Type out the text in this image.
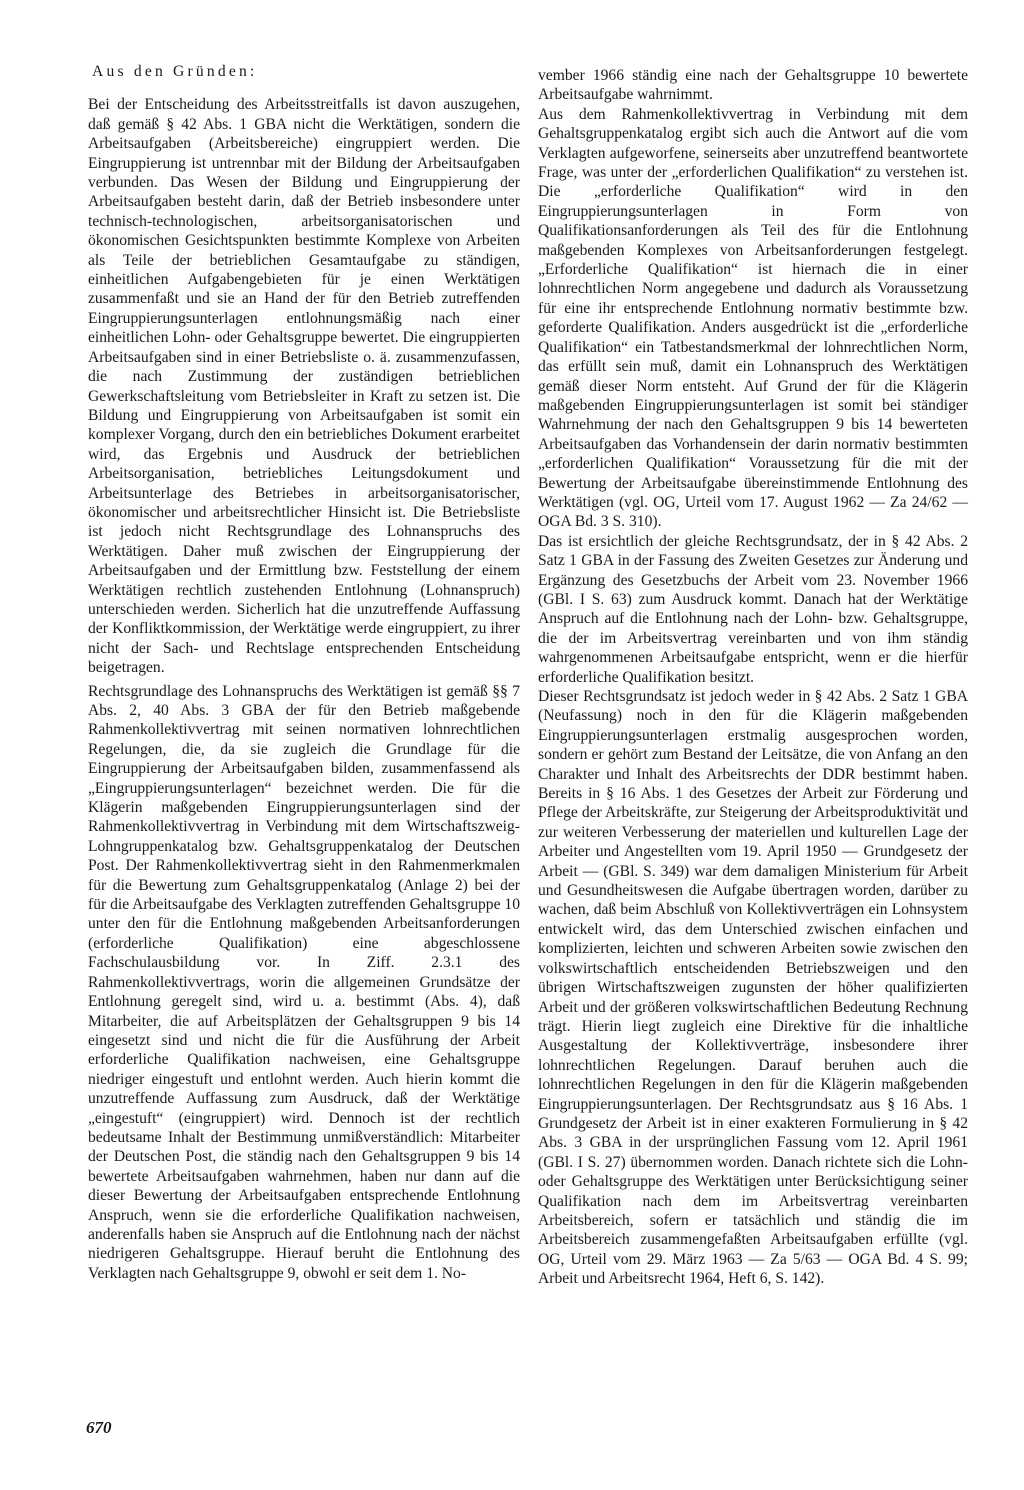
Aus den Gründen:

Bei der Entscheidung des Arbeitsstreitfalls ist davon auszugehen, daß gemäß § 42 Abs. 1 GBA nicht die Werktätigen, sondern die Arbeitsaufgaben (Arbeitsbereiche) eingruppiert werden. Die Eingruppierung ist untrennbar mit der Bildung der Arbeitsaufgaben verbunden. Das Wesen der Bildung und Eingruppierung der Arbeitsaufgaben besteht darin, daß der Betrieb insbesondere unter technisch-technologischen, arbeitsorganisatorischen und ökonomischen Gesichtspunkten bestimmte Komplexe von Arbeiten als Teile der betrieblichen Gesamtaufgabe zu ständigen, einheitlichen Aufgabengebieten für je einen Werktätigen zusammenfaßt und sie an Hand der für den Betrieb zutreffenden Eingruppierungsunterlagen entlohnungsmäßig nach einer einheitlichen Lohn- oder Gehaltsgruppe bewertet. Die eingruppierten Arbeitsaufgaben sind in einer Betriebsliste o. ä. zusammenzufassen, die nach Zustimmung der zuständigen betrieblichen Gewerkschaftsleitung vom Betriebsleiter in Kraft zu setzen ist. Die Bildung und Eingruppierung von Arbeitsaufgaben ist somit ein komplexer Vorgang, durch den ein betriebliches Dokument erarbeitet wird, das Ergebnis und Ausdruck der betrieblichen Arbeitsorganisation, betriebliches Leitungsdokument und Arbeitsunterlage des Betriebes in arbeitsorganisatorischer, ökonomischer und arbeitsrechtlicher Hinsicht ist. Die Betriebsliste ist jedoch nicht Rechtsgrundlage des Lohnanspruchs des Werktätigen. Daher muß zwischen der Eingruppierung der Arbeitsaufgaben und der Ermittlung bzw. Feststellung der einem Werktätigen rechtlich zustehenden Entlohnung (Lohnanspruch) unterschieden werden. Sicherlich hat die unzutreffende Auffassung der Konfliktkommission, der Werktätige werde eingruppiert, zu ihrer nicht der Sach- und Rechtslage entsprechenden Entscheidung beigetragen.

Rechtsgrundlage des Lohnanspruchs des Werktätigen ist gemäß §§ 7 Abs. 2, 40 Abs. 3 GBA der für den Betrieb maßgebende Rahmenkollektivvertrag mit seinen normativen lohnrechtlichen Regelungen, die, da sie zugleich die Grundlage für die Eingruppierung der Arbeitsaufgaben bilden, zusammenfassend als „Eingruppierungsunterlagen“ bezeichnet werden. Die für die Klägerin maßgebenden Eingruppierungsunterlagen sind der Rahmenkollektivvertrag in Verbindung mit dem Wirtschaftszweig-Lohngruppenkatalog bzw. Gehaltsgruppenkatalog der Deutschen Post. Der Rahmenkollektivvertrag sieht in den Rahmenmerkmalen für die Bewertung zum Gehaltsgruppenkatalog (Anlage 2) bei der für die Arbeitsaufgabe des Verklagten zutreffenden Gehaltsgruppe 10 unter den für die Entlohnung maßgebenden Arbeitsanforderungen (erforderliche Qualifikation) eine abgeschlossene Fachschulausbildung vor. In Ziff. 2.3.1 des Rahmenkollektivvertrags, worin die allgemeinen Grundsätze der Entlohnung geregelt sind, wird u. a. bestimmt (Abs. 4), daß Mitarbeiter, die auf Arbeitsplätzen der Gehaltsgruppen 9 bis 14 eingesetzt sind und nicht die für die Ausführung der Arbeit erforderliche Qualifikation nachweisen, eine Gehaltsgruppe niedriger eingestuft und entlohnt werden. Auch hierin kommt die unzutreffende Auffassung zum Ausdruck, daß der Werktätige „eingestuft“ (eingruppiert) wird. Dennoch ist der rechtlich bedeutsame Inhalt der Bestimmung unmißverständlich: Mitarbeiter der Deutschen Post, die ständig nach den Gehaltsgruppen 9 bis 14 bewertete Arbeitsaufgaben wahrnehmen, haben nur dann auf die dieser Bewertung der Arbeitsaufgaben entsprechende Entlohnung Anspruch, wenn sie die erforderliche Qualifikation nachweisen, anderenfalls haben sie Anspruch auf die Entlohnung nach der nächst niedrigeren Gehaltsgruppe. Hierauf beruht die Entlohnung des Verklagten nach Gehaltsgruppe 9, obwohl er seit dem 1. No-

vember 1966 ständig eine nach der Gehaltsgruppe 10 bewertete Arbeitsaufgabe wahrnimmt.

Aus dem Rahmenkollektivvertrag in Verbindung mit dem Gehaltsgruppenkatalog ergibt sich auch die Antwort auf die vom Verklagten aufgeworfene, seinerseits aber unzutreffend beantwortete Frage, was unter der „erforderlichen Qualifikation“ zu verstehen ist. Die „erforderliche Qualifikation“ wird in den Eingruppierungsunterlagen in Form von Qualifikationsanforderungen als Teil des für die Entlohnung maßgebenden Komplexes von Arbeitsanforderungen festgelegt. „Erforderliche Qualifikation“ ist hiernach die in einer lohnrechtlichen Norm angegebene und dadurch als Voraussetzung für eine ihr entsprechende Entlohnung normativ bestimmte bzw. geforderte Qualifikation. Anders ausgedrückt ist die „erforderliche Qualifikation“ ein Tatbestandsmerkmal der lohnrechtlichen Norm, das erfüllt sein muß, damit ein Lohnanspruch des Werktätigen gemäß dieser Norm entsteht. Auf Grund der für die Klägerin maßgebenden Eingruppierungsunterlagen ist somit bei ständiger Wahrnehmung der nach den Gehaltsgruppen 9 bis 14 bewerteten Arbeitsaufgaben das Vorhandensein der darin normativ bestimmten „erforderlichen Qualifikation“ Voraussetzung für die mit der Bewertung der Arbeitsaufgabe übereinstimmende Entlohnung des Werktätigen (vgl. OG, Urteil vom 17. August 1962 — Za 24/62 — OGA Bd. 3 S. 310).

Das ist ersichtlich der gleiche Rechtsgrundsatz, der in § 42 Abs. 2 Satz 1 GBA in der Fassung des Zweiten Gesetzes zur Änderung und Ergänzung des Gesetzbuchs der Arbeit vom 23. November 1966 (GBl. I S. 63) zum Ausdruck kommt. Danach hat der Werktätige Anspruch auf die Entlohnung nach der Lohn- bzw. Gehaltsgruppe, die der im Arbeitsvertrag vereinbarten und von ihm ständig wahrgenommenen Arbeitsaufgabe entspricht, wenn er die hierfür erforderliche Qualifikation besitzt.

Dieser Rechtsgrundsatz ist jedoch weder in § 42 Abs. 2 Satz 1 GBA (Neufassung) noch in den für die Klägerin maßgebenden Eingruppierungsunterlagen erstmalig ausgesprochen worden, sondern er gehört zum Bestand der Leitsätze, die von Anfang an den Charakter und Inhalt des Arbeitsrechts der DDR bestimmt haben. Bereits in § 16 Abs. 1 des Gesetzes der Arbeit zur Förderung und Pflege der Arbeitskräfte, zur Steigerung der Arbeitsproduktivität und zur weiteren Verbesserung der materiellen und kulturellen Lage der Arbeiter und Angestellten vom 19. April 1950 — Grundgesetz der Arbeit — (GBl. S. 349) war dem damaligen Ministerium für Arbeit und Gesundheitswesen die Aufgabe übertragen worden, darüber zu wachen, daß beim Abschluß von Kollektivverträgen ein Lohnsystem entwickelt wird, das dem Unterschied zwischen einfachen und komplizierten, leichten und schweren Arbeiten sowie zwischen den volkswirtschaftlich entscheidenden Betriebszweigen und den übrigen Wirtschaftszweigen zugunsten der höher qualifizierten Arbeit und der größeren volkswirtschaftlichen Bedeutung Rechnung trägt. Hierin liegt zugleich eine Direktive für die inhaltliche Ausgestaltung der Kollektivverträge, insbesondere ihrer lohnrechtlichen Regelungen. Darauf beruhen auch die lohnrechtlichen Regelungen in den für die Klägerin maßgebenden Eingruppierungsunterlagen. Der Rechtsgrundsatz aus § 16 Abs. 1 Grundgesetz der Arbeit ist in einer exakteren Formulierung in § 42 Abs. 3 GBA in der ursprünglichen Fassung vom 12. April 1961 (GBl. I S. 27) übernommen worden. Danach richtete sich die Lohn- oder Gehaltsgruppe des Werktätigen unter Berücksichtigung seiner Qualifikation nach dem im Arbeitsvertrag vereinbarten Arbeitsbereich, sofern er tatsächlich und ständig die im Arbeitsbereich zusammengefaßten Arbeitsaufgaben erfüllte (vgl. OG, Urteil vom 29. März 1963 — Za 5/63 — OGA Bd. 4 S. 99; Arbeit und Arbeitsrecht 1964, Heft 6, S. 142).

670
